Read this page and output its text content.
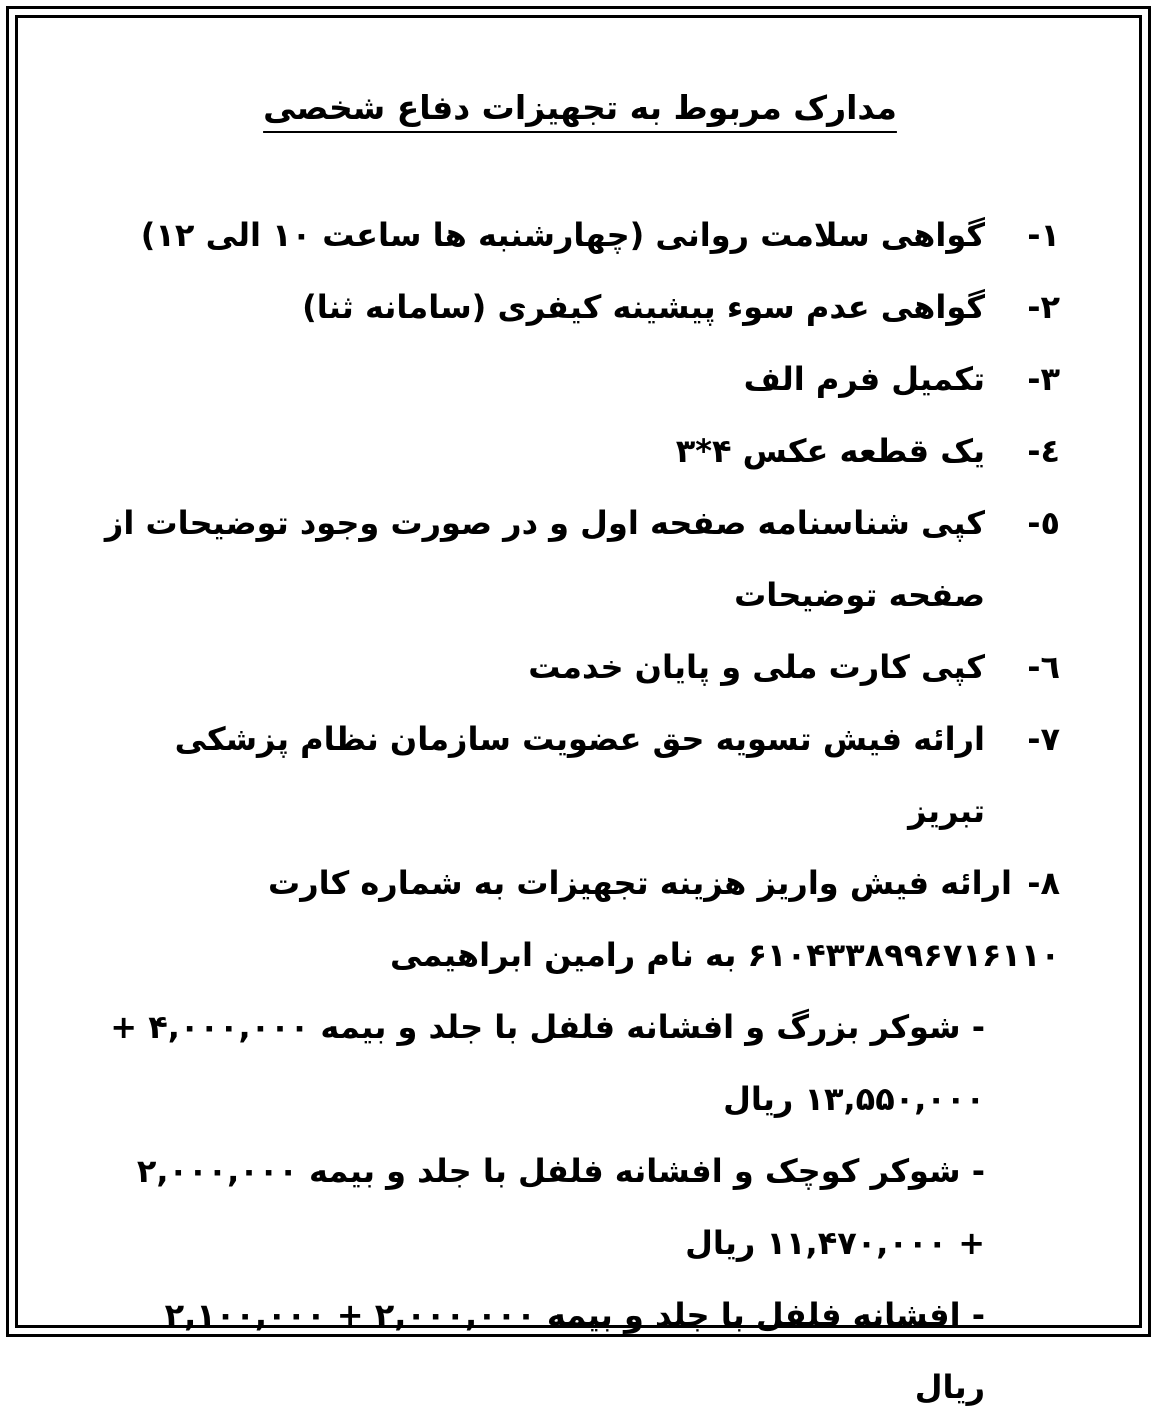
مدارک مربوط به تجهیزات دفاع شخصی
۱-
گواهی سلامت روانی (چهارشنبه ها ساعت ۱۰ الی ۱۲)
۲-
گواهی عدم سوء پیشینه کیفری (سامانه ثنا)
۳-
تکمیل فرم الف
٤-
یک قطعه عکس ۴*۳
٥-
کپی شناسنامه صفحه اول و در صورت وجود توضیحات از صفحه توضیحات
٦-
کپی کارت ملی و پایان خدمت
۷-
ارائه فیش تسویه حق عضویت سازمان نظام پزشکی تبریز
۸-
ارائه فیش واریز هزینه تجهیزات به شماره کارت
۶۱۰۴۳۳۸۹۹۶۷۱۶۱۱۰ به نام رامین ابراهیمی
- شوکر بزرگ و افشانه فلفل با جلد و بیمه ۴,۰۰۰,۰۰۰ + ۱۳,۵۵۰,۰۰۰ ریال
- شوکر کوچک و افشانه فلفل با جلد و بیمه ۲,۰۰۰,۰۰۰ + ۱۱,۴۷۰,۰۰۰ ریال
- افشانه فلفل با جلد و بیمه ۲,۰۰۰,۰۰۰ + ۲,۱۰۰,۰۰۰ ریال
